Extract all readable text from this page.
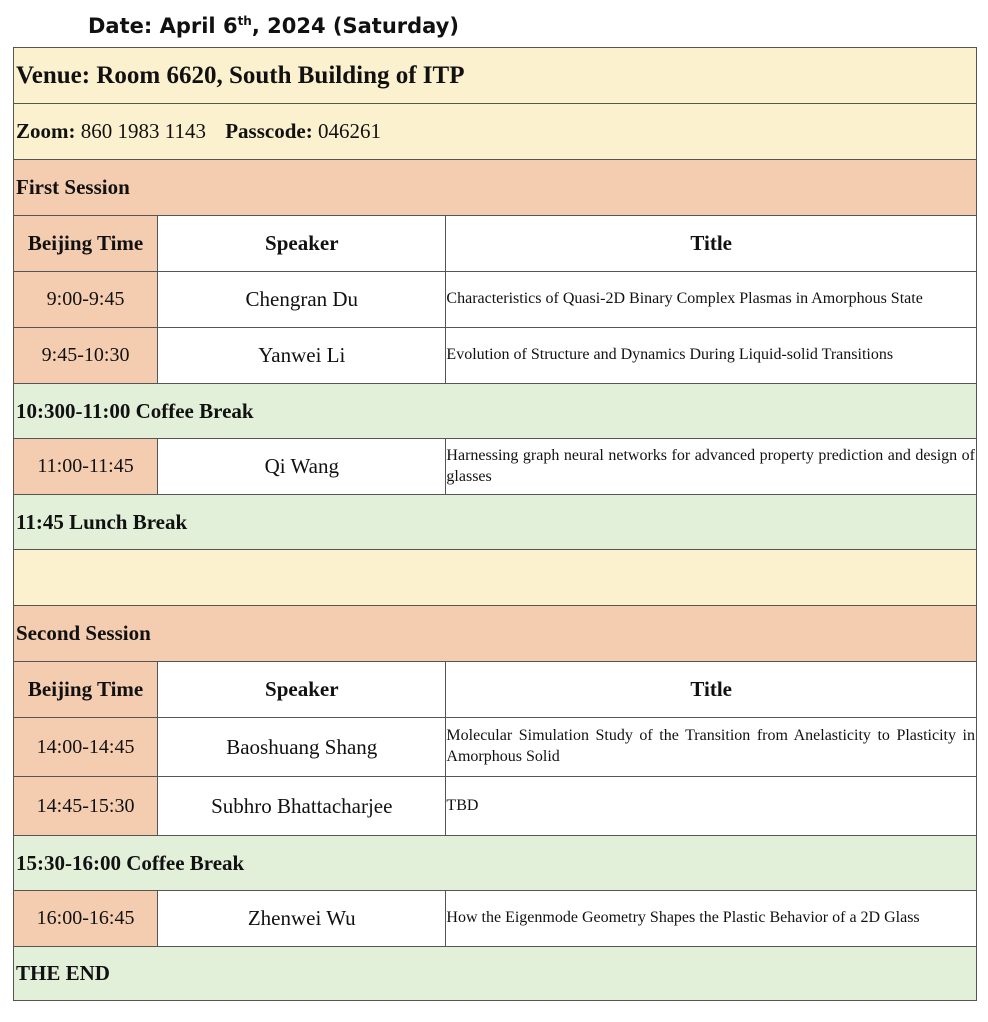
Date: April 6th, 2024 (Saturday)
Venue: Room 6620, South Building of ITP		
Zoom: 860 1983 1143 Passcode: 046261		
First Session		
Beijing Time	Speaker	Title
9:00-9:45	Chengran Du	Characteristics of Quasi-2D Binary Complex Plasmas in Amorphous State
9:45-10:30	Yanwei Li	Evolution of Structure and Dynamics During Liquid-solid Transitions
10:300-11:00 Coffee Break		
11:00-11:45	Qi Wang	Harnessing graph neural networks for advanced property prediction and design of glasses
11:45 Lunch Break		

Second Session		
Beijing Time	Speaker	Title
14:00-14:45	Baoshuang Shang	Molecular Simulation Study of the Transition from Anelasticity to Plasticity in Amorphous Solid
14:45-15:30	Subhro Bhattacharjee	TBD
15:30-16:00 Coffee Break		
16:00-16:45	Zhenwei Wu	How the Eigenmode Geometry Shapes the Plastic Behavior of a 2D Glass
THE END		
